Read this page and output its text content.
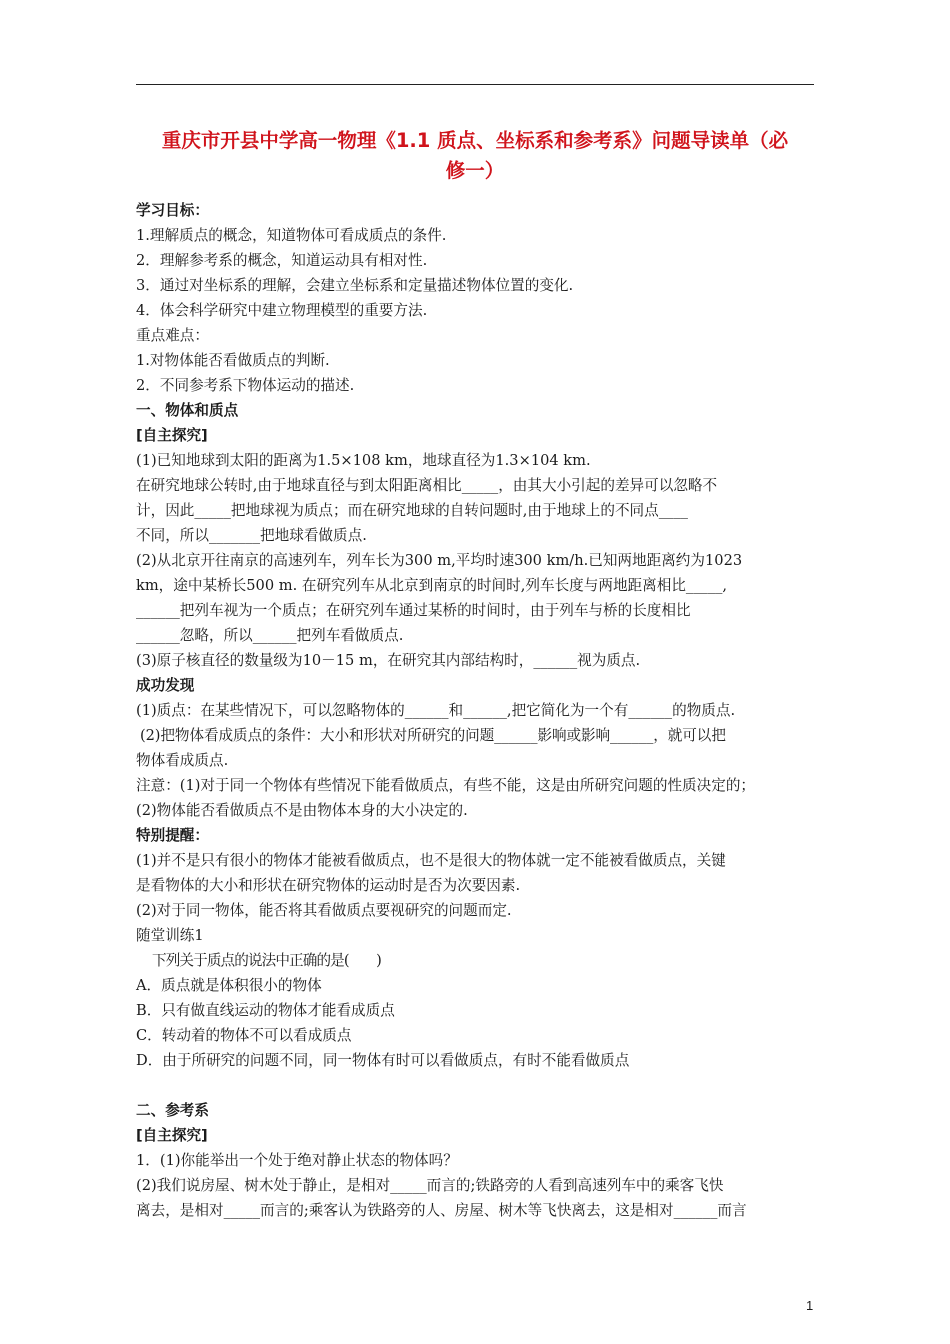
重庆市开县中学高一物理《1.1 质点、坐标系和参考系》问题导读单（必
修一）
学习目标：
1.理解质点的概念，知道物体可看成质点的条件.
2．理解参考系的概念，知道运动具有相对性.
3．通过对坐标系的理解，会建立坐标系和定量描述物体位置的变化.
4．体会科学研究中建立物理模型的重要方法.
重点难点：
1.对物体能否看做质点的判断.
2．不同参考系下物体运动的描述.
一、物体和质点
[自主探究]
(1)已知地球到太阳的距离为1.5×108 km，地球直径为1.3×104 km.
在研究地球公转时,由于地球直径与到太阳距离相比_____，由其大小引起的差异可以忽略不
计，因此_____把地球视为质点；而在研究地球的自转问题时,由于地球上的不同点____
不同，所以_______把地球看做质点.
(2)从北京开往南京的高速列车，列车长为300 m,平均时速300 km/h.已知两地距离约为1023
km，途中某桥长500 m. 在研究列车从北京到南京的时间时,列车长度与两地距离相比_____,
______把列车视为一个质点；在研究列车通过某桥的时间时，由于列车与桥的长度相比
______忽略，所以______把列车看做质点.
(3)原子核直径的数量级为10－15 m，在研究其内部结构时，______视为质点.
成功发现
(1)质点：在某些情况下，可以忽略物体的______和______,把它简化为一个有______的物质点.
(2)把物体看成质点的条件：大小和形状对所研究的问题______影响或影响______，就可以把
物体看成质点.
注意：(1)对于同一个物体有些情况下能看做质点，有些不能，这是由所研究问题的性质决定的；
(2)物体能否看做质点不是由物体本身的大小决定的.
特别提醒：
(1)并不是只有很小的物体才能被看做质点，也不是很大的物体就一定不能被看做质点，关键
是看物体的大小和形状在研究物体的运动时是否为次要因素.
(2)对于同一物体，能否将其看做质点要视研究的问题而定.
随堂训练1
下列关于质点的说法中正确的是(　　)
A．质点就是体积很小的物体
B．只有做直线运动的物体才能看成质点
C．转动着的物体不可以看成质点
D．由于所研究的问题不同，同一物体有时可以看做质点，有时不能看做质点
二、参考系
[自主探究]
1．(1)你能举出一个处于绝对静止状态的物体吗？
(2)我们说房屋、树木处于静止，是相对_____而言的;铁路旁的人看到高速列车中的乘客飞快
离去，是相对_____而言的;乘客认为铁路旁的人、房屋、树木等飞快离去，这是相对______而言
1
